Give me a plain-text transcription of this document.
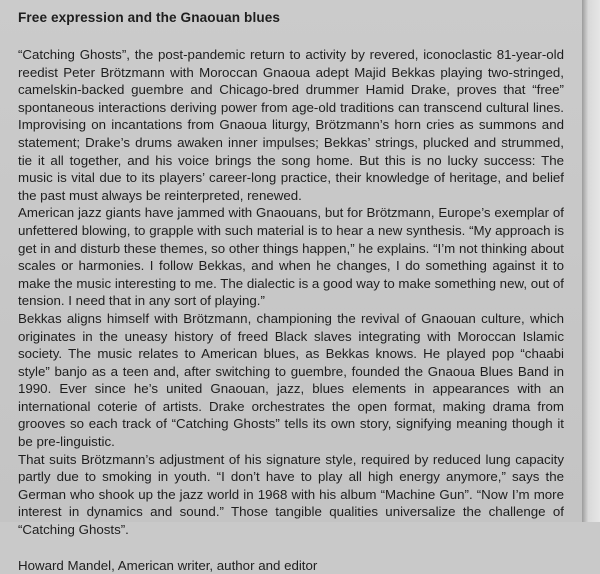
Free expression and the Gnaouan blues

“Catching Ghosts”, the post-pandemic return to activity by revered, iconoclastic 81-year-old reedist Peter Brötzmann with Moroccan Gnaoua adept Majid Bekkas playing two-stringed, camelskin-backed guembre and Chicago-bred drummer Hamid Drake, proves that “free” spontaneous interactions deriving power from age-old traditions can transcend cultural lines. Improvising on incantations from Gnaoua liturgy, Brötzmann’s horn cries as summons and statement; Drake’s drums awaken inner impulses; Bekkas’ strings, plucked and strummed, tie it all together, and his voice brings the song home. But this is no lucky success: The music is vital due to its players’ career-long practice, their knowledge of heritage, and belief the past must always be reinterpreted, renewed.

American jazz giants have jammed with Gnaouans, but for Brötzmann, Europe’s exemplar of unfettered blowing, to grapple with such material is to hear a new synthesis. “My approach is get in and disturb these themes, so other things happen,” he explains. “I’m not thinking about scales or harmonies. I follow Bekkas, and when he changes, I do something against it to make the music interesting to me. The dialectic is a good way to make something new, out of tension. I need that in any sort of playing.”

Bekkas aligns himself with Brötzmann, championing the revival of Gnaouan culture, which originates in the uneasy history of freed Black slaves integrating with Moroccan Islamic society. The music relates to American blues, as Bekkas knows. He played pop “chaabi style” banjo as a teen and, after switching to guembre, founded the Gnaoua Blues Band in 1990. Ever since he’s united Gnaouan, jazz, blues elements in appearances with an international coterie of artists. Drake orchestrates the open format, making drama from grooves so each track of “Catching Ghosts” tells its own story, signifying meaning though it be pre-linguistic.

That suits Brötzmann’s adjustment of his signature style, required by reduced lung capacity partly due to smoking in youth. “I don’t have to play all high energy anymore,” says the German who shook up the jazz world in 1968 with his album “Machine Gun”. “Now I’m more interest in dynamics and sound.” Those tangible qualities universalize the challenge of “Catching Ghosts”.

Howard Mandel, American writer, author and editor
